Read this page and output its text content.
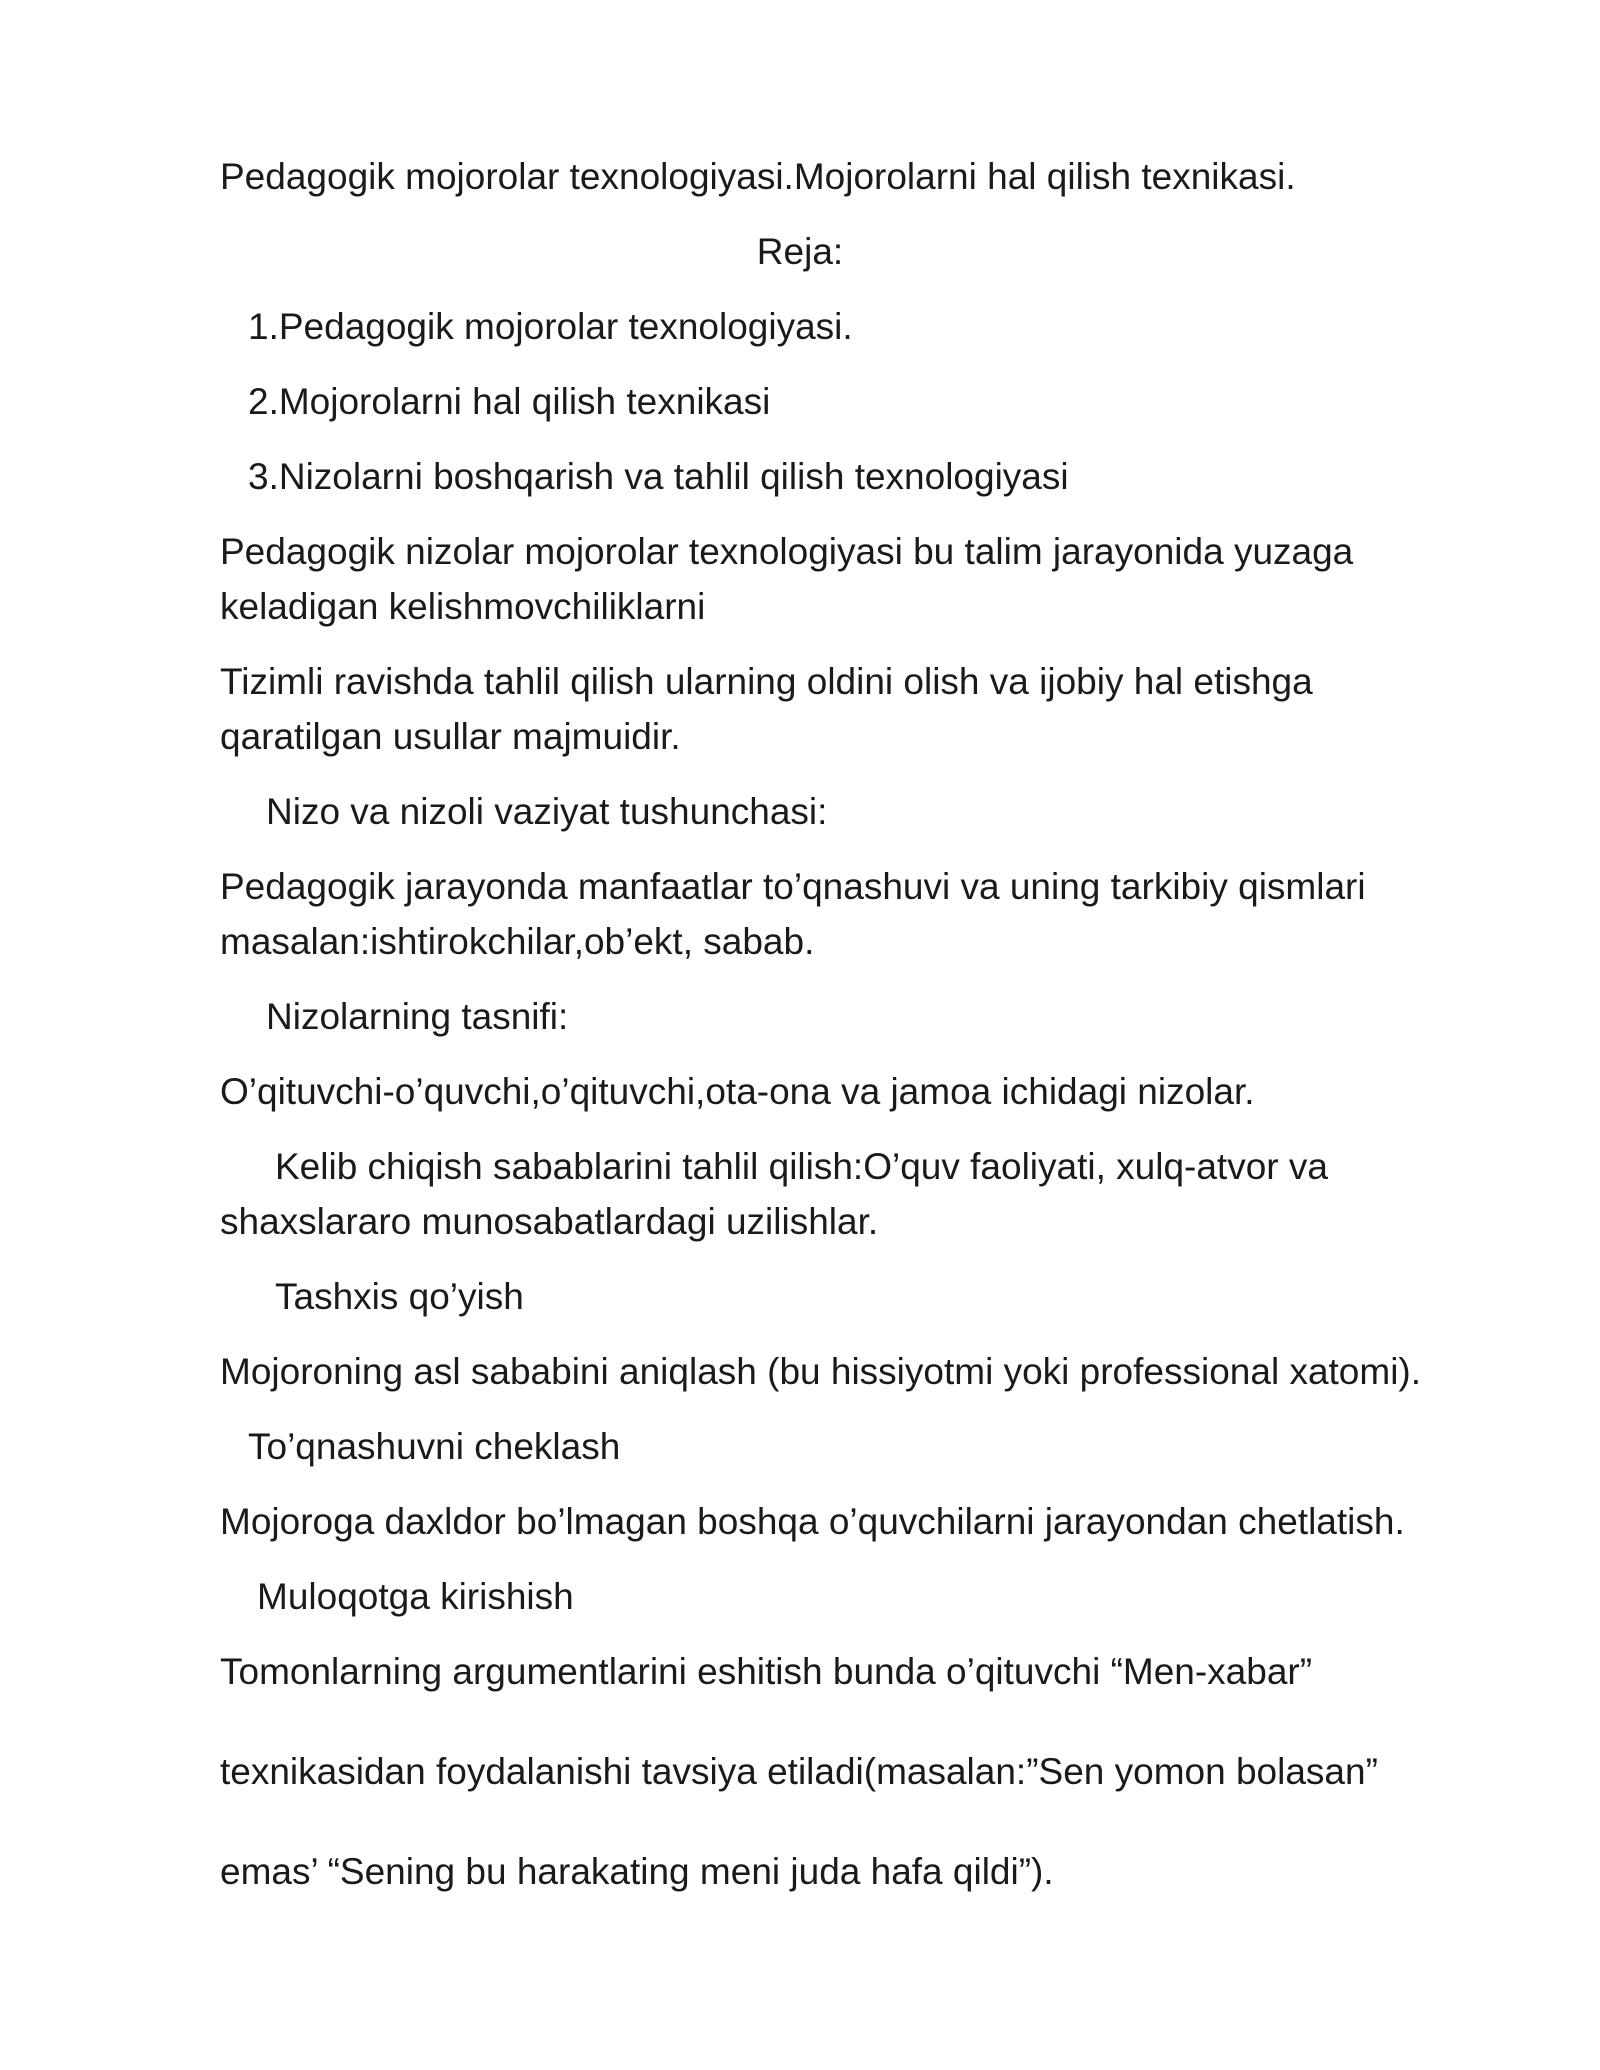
Pedagogik mojorolar texnologiyasi.Mojorolarni hal qilish texnikasi.

Reja:

1.Pedagogik mojorolar texnologiyasi.

2.Mojorolarni hal qilish texnikasi

3.Nizolarni boshqarish va tahlil qilish texnologiyasi

Pedagogik nizolar mojorolar texnologiyasi bu talim jarayonida yuzaga

keladigan kelishmovchiliklarni

Tizimli ravishda tahlil qilish ularning oldini olish va ijobiy hal etishga

qaratilgan usullar majmuidir.

Nizo va nizoli vaziyat tushunchasi:

Pedagogik jarayonda manfaatlar to’qnashuvi va uning tarkibiy qismlari

masalan:ishtirokchilar,ob’ekt, sabab.

Nizolarning tasnifi:

O’qituvchi-o’quvchi,o’qituvchi,ota-ona va jamoa ichidagi nizolar.

Kelib chiqish sabablarini tahlil qilish:O’quv faoliyati, xulq-atvor va

shaxslararo munosabatlardagi uzilishlar.

Tashxis qo’yish

Mojoroning asl sababini aniqlash (bu hissiyotmi yoki professional xatomi).

To’qnashuvni cheklash

Mojoroga daxldor bo’lmagan boshqa o’quvchilarni jarayondan chetlatish.

Muloqotga kirishish

Tomonlarning argumentlarini eshitish bunda o’qituvchi “Men-xabar”

texnikasidan foydalanishi tavsiya etiladi(masalan:”Sen yomon bolasan”

emas’ “Sening bu harakating meni juda hafa qildi”).
